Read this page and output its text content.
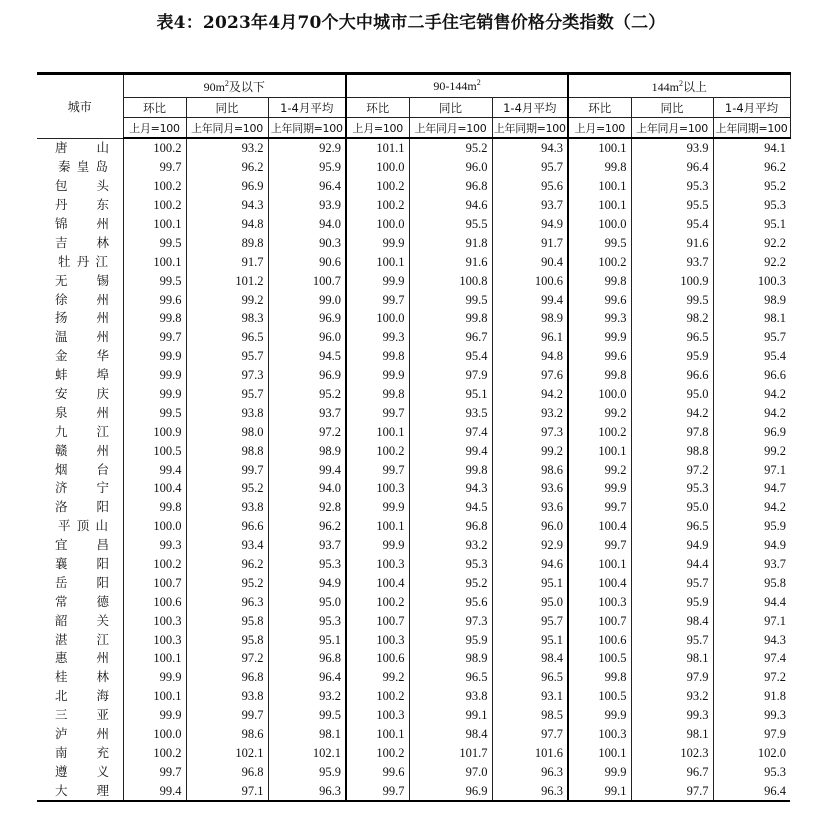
表4：2023年4月70个大中城市二手住宅销售价格分类指数（二）
城市	$90m^2$及以下			$90-144m^2$			$144m^2$以上		
	环比	同比	1-4月平均	环比	同比	1-4月平均	环比	同比	1-4月平均
	上月=100	上年同月=100	上年同期=100	上月=100	上年同月=100	上年同期=100	上月=100	上年同月=100	上年同期=100

唐 山	100.2	93.2	92.9	101.1	95.2	94.3	100.1	93.9	94.1

秦 皇 岛	99.7	96.2	95.9	100.0	96.0	95.7	99.8	96.4	96.2

包 头	100.2	96.9	96.4	100.2	96.8	95.6	100.1	95.3	95.2

丹 东	100.2	94.3	93.9	100.2	94.6	93.7	100.1	95.5	95.3

锦 州	100.1	94.8	94.0	100.0	95.5	94.9	100.0	95.4	95.1

吉 林	99.5	89.8	90.3	99.9	91.8	91.7	99.5	91.6	92.2

牡 丹 江	100.1	91.7	90.6	100.1	91.6	90.4	100.2	93.7	92.2

无 锡	99.5	101.2	100.7	99.9	100.8	100.6	99.8	100.9	100.3

徐 州	99.6	99.2	99.0	99.7	99.5	99.4	99.6	99.5	98.9

扬 州	99.8	98.3	96.9	100.0	99.8	98.9	99.3	98.2	98.1

温 州	99.7	96.5	96.0	99.3	96.7	96.1	99.9	96.5	95.7

金 华	99.9	95.7	94.5	99.8	95.4	94.8	99.6	95.9	95.4

蚌 埠	99.9	97.3	96.9	99.9	97.9	97.6	99.8	96.6	96.6

安 庆	99.9	95.7	95.2	99.8	95.1	94.2	100.0	95.0	94.2

泉 州	99.5	93.8	93.7	99.7	93.5	93.2	99.2	94.2	94.2

九 江	100.9	98.0	97.2	100.1	97.4	97.3	100.2	97.8	96.9

赣 州	100.5	98.8	98.9	100.2	99.4	99.2	100.1	98.8	99.2

烟 台	99.4	99.7	99.4	99.7	99.8	98.6	99.2	97.2	97.1

济 宁	100.4	95.2	94.0	100.3	94.3	93.6	99.9	95.3	94.7

洛 阳	99.8	93.8	92.8	99.9	94.5	93.6	99.7	95.0	94.2

平 顶 山	100.0	96.6	96.2	100.1	96.8	96.0	100.4	96.5	95.9

宜 昌	99.3	93.4	93.7	99.9	93.2	92.9	99.7	94.9	94.9

襄 阳	100.2	96.2	95.3	100.3	95.3	94.6	100.1	94.4	93.7

岳 阳	100.7	95.2	94.9	100.4	95.2	95.1	100.4	95.7	95.8

常 德	100.6	96.3	95.0	100.2	95.6	95.0	100.3	95.9	94.4

韶 关	100.3	95.8	95.3	100.7	97.3	95.7	100.7	98.4	97.1

湛 江	100.3	95.8	95.1	100.3	95.9	95.1	100.6	95.7	94.3

惠 州	100.1	97.2	96.8	100.6	98.9	98.4	100.5	98.1	97.4

桂 林	99.9	96.8	96.4	99.2	96.5	96.5	99.8	97.9	97.2

北 海	100.1	93.8	93.2	100.2	93.8	93.1	100.5	93.2	91.8

三 亚	99.9	99.7	99.5	100.3	99.1	98.5	99.9	99.3	99.3

泸 州	100.0	98.6	98.1	100.1	98.4	97.7	100.3	98.1	97.9

南 充	100.2	102.1	102.1	100.2	101.7	101.6	100.1	102.3	102.0

遵 义	99.7	96.8	95.9	99.6	97.0	96.3	99.9	96.7	95.3

大 理	99.4	97.1	96.3	99.7	96.9	96.3	99.1	97.7	96.4
